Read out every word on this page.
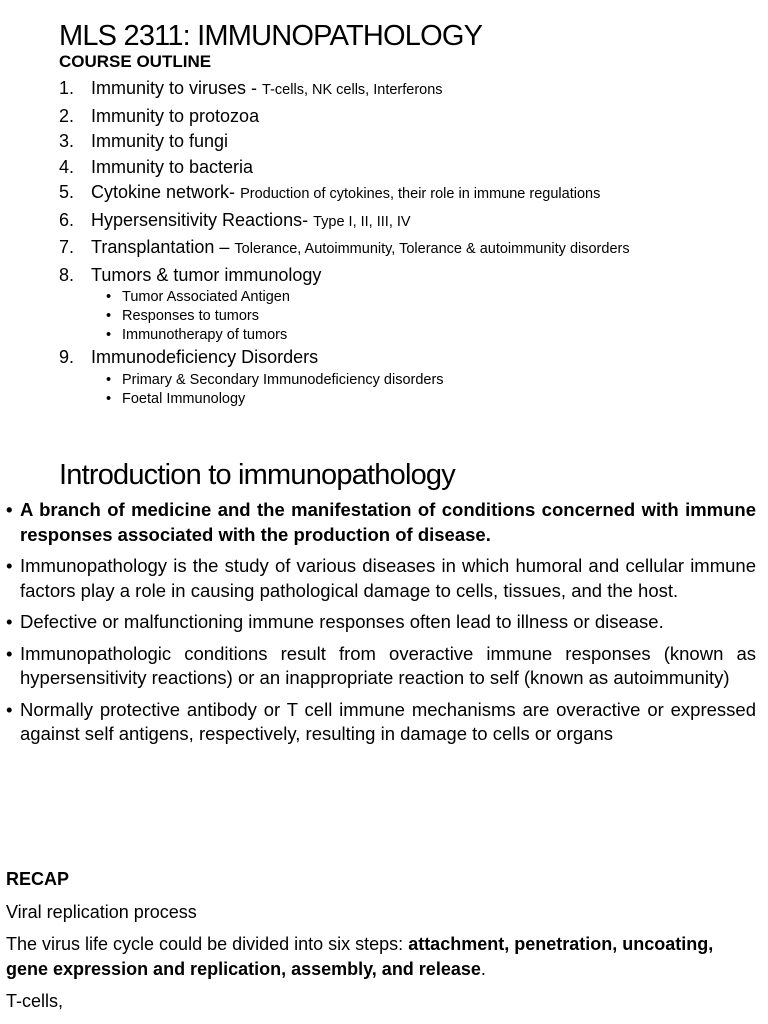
MLS 2311: IMMUNOPATHOLOGY
COURSE OUTLINE
1. Immunity to viruses - T-cells, NK cells, Interferons
2. Immunity to protozoa
3. Immunity to fungi
4. Immunity to bacteria
5. Cytokine network- Production of cytokines, their role in immune regulations
6. Hypersensitivity Reactions- Type I, II, III, IV
7. Transplantation – Tolerance, Autoimmunity, Tolerance & autoimmunity disorders
8. Tumors & tumor immunology
• Tumor Associated Antigen
• Responses to tumors
• Immunotherapy of tumors
9. Immunodeficiency Disorders
• Primary & Secondary Immunodeficiency disorders
• Foetal Immunology
Introduction to immunopathology
• A branch of medicine and the manifestation of conditions concerned with immune responses associated with the production of disease.
• Immunopathology is the study of various diseases in which humoral and cellular immune factors play a role in causing pathological damage to cells, tissues, and the host.
• Defective or malfunctioning immune responses often lead to illness or disease.
• Immunopathologic conditions result from overactive immune responses (known as hypersensitivity reactions) or an inappropriate reaction to self (known as autoimmunity)
• Normally protective antibody or T cell immune mechanisms are overactive or expressed against self antigens, respectively, resulting in damage to cells or organs

RECAP

Viral replication process

The virus life cycle could be divided into six steps: attachment, penetration, uncoating, gene expression and replication, assembly, and release.

T-cells,
